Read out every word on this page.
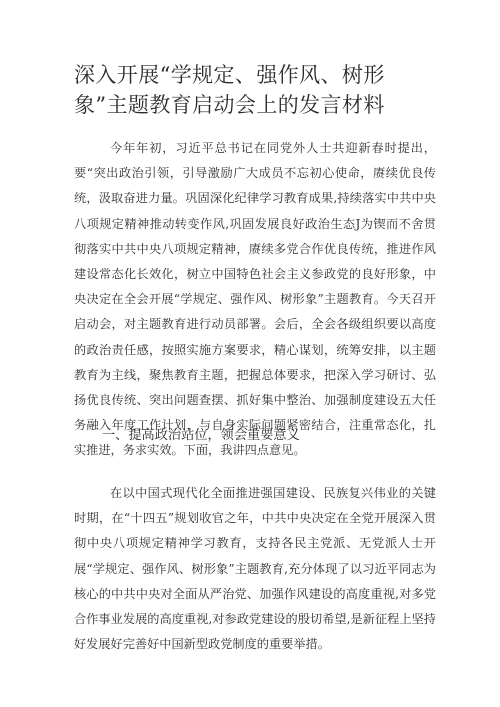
深入开展“学规定、强作风、树形象”主题教育启动会上的发言材料

今年年初，习近平总书记在同党外人士共迎新春时提出，要“突出政治引领，引导激励广大成员不忘初心使命，赓续优良传统，汲取奋进力量。巩固深化纪律学习教育成果,持续落实中共中央八项规定精神推动转变作风,巩固发展良好政治生态J为锲而不舍贯彻落实中共中央八项规定精神，赓续多党合作优良传统，推进作风建设常态化长效化，树立中国特色社会主义参政党的良好形象，中央决定在全会开展“学规定、强作风、树形象”主题教育。今天召开启动会，对主题教育进行动员部署。会后，全会各级组织要以高度的政治责任感，按照实施方案要求，精心谋划，统筹安排，以主题教育为主线，聚焦教育主题，把握总体要求，把深入学习研讨、弘扬优良传统、突出问题查摆、抓好集中整治、加强制度建设五大任务融入年度工作计划，与自身实际问题紧密结合，注重常态化，扎实推进，务求实效。下面，我讲四点意见。

一、提高政治站位，领会重要意义

在以中国式现代化全面推进强国建设、民族复兴伟业的关键时期，在“十四五”规划收官之年，中共中央决定在全党开展深入贯彻中央八项规定精神学习教育，支持各民主党派、无党派人士开展“学规定、强作风、树形象”主题教育,充分体现了以习近平同志为核心的中共中央对全面从严治党、加强作风建设的高度重视,对多党合作事业发展的高度重视,对参政党建设的殷切希望,是新征程上坚持好发展好完善好中国新型政党制度的重要举措。
